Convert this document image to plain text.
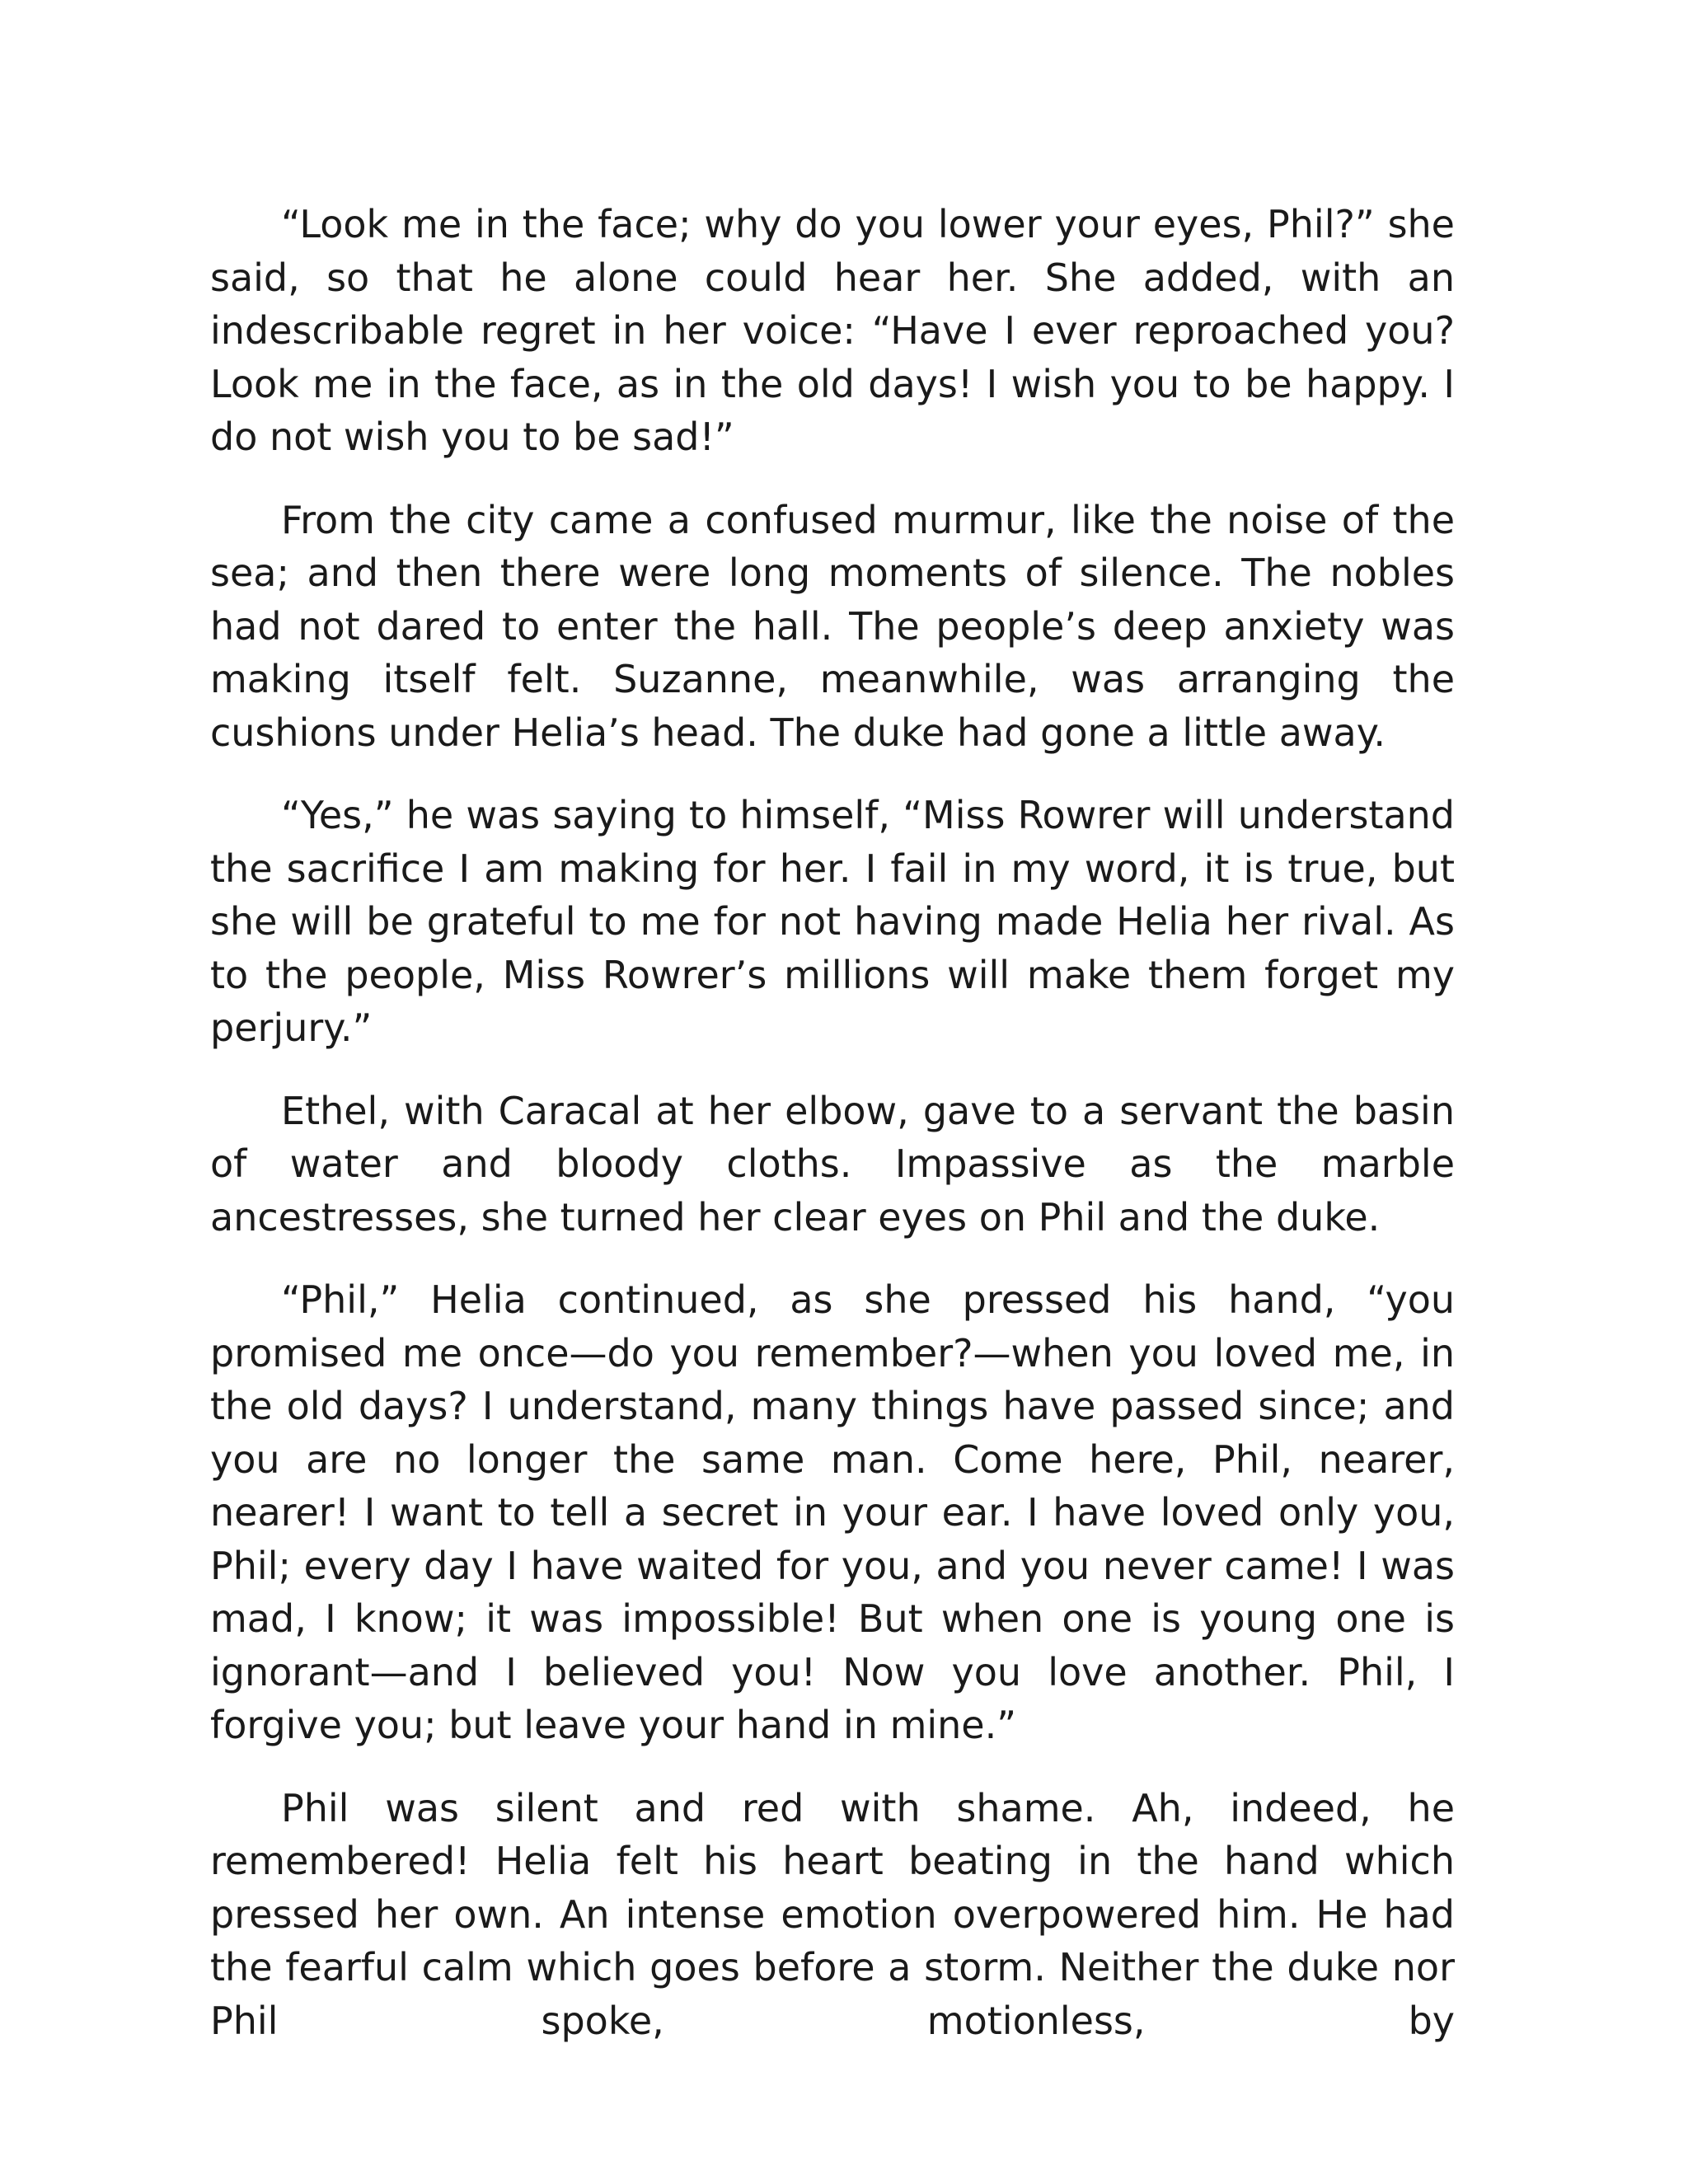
“Look me in the face; why do you lower your eyes, Phil?” she said, so that he alone could hear her. She added, with an indescribable regret in her voice: “Have I ever reproached you? Look me in the face, as in the old days! I wish you to be happy. I do not wish you to be sad!”

From the city came a confused murmur, like the noise of the sea; and then there were long moments of silence. The nobles had not dared to enter the hall. The people’s deep anxiety was making itself felt. Suzanne, meanwhile, was arranging the cushions under Helia’s head. The duke had gone a little away.

“Yes,” he was saying to himself, “Miss Rowrer will understand the sacrifice I am making for her. I fail in my word, it is true, but she will be grateful to me for not having made Helia her rival. As to the people, Miss Rowrer’s millions will make them forget my perjury.”

Ethel, with Caracal at her elbow, gave to a servant the basin of water and bloody cloths. Impassive as the marble ancestresses, she turned her clear eyes on Phil and the duke.

“Phil,” Helia continued, as she pressed his hand, “you promised me once—do you remember?—when you loved me, in the old days? I understand, many things have passed since; and you are no longer the same man. Come here, Phil, nearer, nearer! I want to tell a secret in your ear. I have loved only you, Phil; every day I have waited for you, and you never came! I was mad, I know; it was impossible! But when one is young one is ignorant—and I believed you! Now you love another. Phil, I forgive you; but leave your hand in mine.”

Phil was silent and red with shame. Ah, indeed, he remembered! Helia felt his heart beating in the hand which pressed her own. An intense emotion overpowered him. He had the fearful calm which goes before a storm. Neither the duke nor Phil spoke, motionless, by
